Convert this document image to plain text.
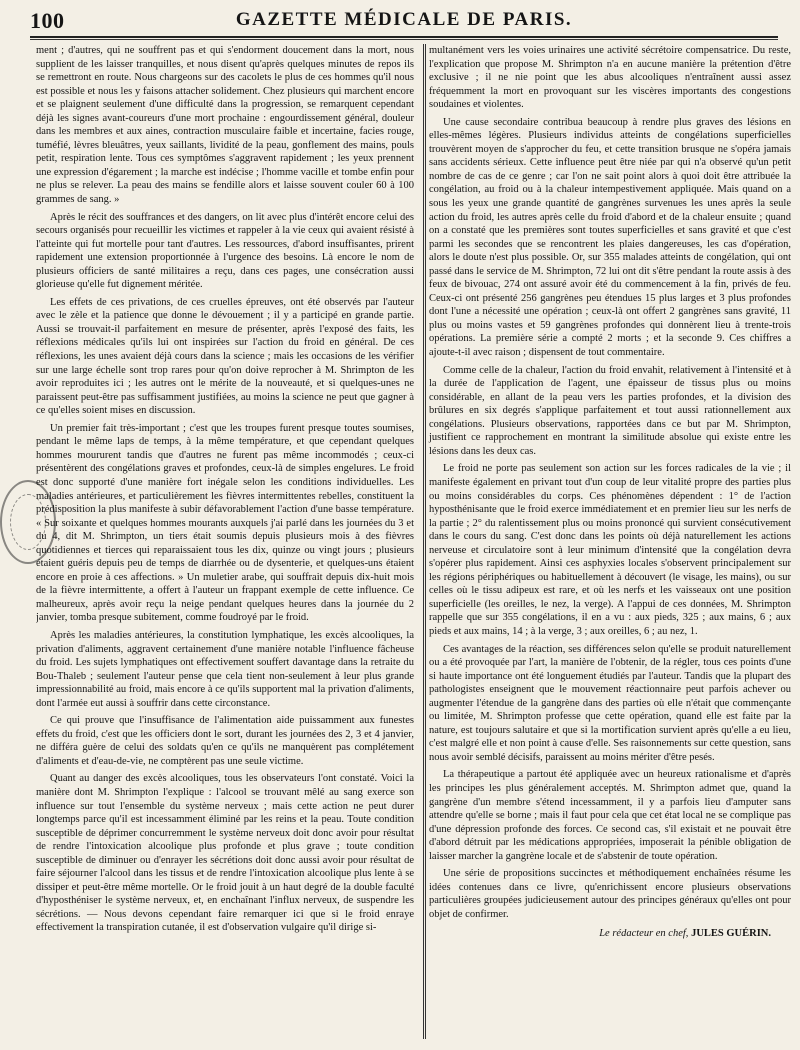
100	GAZETTE MÉDICALE DE PARIS.

ment ; d'autres, qui ne souffrent pas et qui s'endorment doucement dans la mort, nous supplient de les laisser tranquilles, et nous disent qu'après quelques minutes de repos ils se remettront en route. Nous chargeons sur des cacolets le plus de ces hommes qu'il nous est possible et nous les y faisons attacher solidement. Chez plusieurs qui marchent encore et se plaignent seulement d'une difficulté dans la progression, se remarquent cependant déjà les signes avant-coureurs d'une mort prochaine : engourdissement général, douleur dans les membres et aux aines, contraction musculaire faible et incertaine, facies rouge, tuméfié, lèvres bleuâtres, yeux saillants, lividité de la peau, gonflement des mains, pouls petit, respiration lente. Tous ces symptômes s'aggravent rapidement ; les yeux prennent une expression d'égarement ; la marche est indécise ; l'homme vacille et tombe enfin pour ne plus se relever. La peau des mains se fendille alors et laisse souvent couler 60 à 100 grammes de sang. »

Après le récit des souffrances et des dangers, on lit avec plus d'intérêt encore celui des secours organisés pour recueillir les victimes et rappeler à la vie ceux qui avaient résisté à l'atteinte qui fut mortelle pour tant d'autres. Les ressources, d'abord insuffisantes, prirent rapidement une extension proportionnée à l'urgence des besoins. Là encore le nom de plusieurs officiers de santé militaires a reçu, dans ces pages, une consécration aussi glorieuse qu'elle fut dignement méritée.

Les effets de ces privations, de ces cruelles épreuves, ont été observés par l'auteur avec le zèle et la patience que donne le dévouement ; il y a participé en grande partie. Aussi se trouvait-il parfaitement en mesure de présenter, après l'exposé des faits, les réflexions médicales qu'ils lui ont inspirées sur l'action du froid en général. De ces réflexions, les unes avaient déjà cours dans la science ; mais les occasions de les vérifier sur une large échelle sont trop rares pour qu'on doive reprocher à M. Shrimpton de les avoir reproduites ici ; les autres ont le mérite de la nouveauté, et si quelques-unes ne paraissent peut-être pas suffisamment justifiées, au moins la science ne peut que gagner à ce qu'elles soient mises en discussion.

Un premier fait très-important ; c'est que les troupes furent presque toutes soumises, pendant le même laps de temps, à la même température, et que cependant quelques hommes moururent tandis que d'autres ne furent pas même incommodés ; ceux-ci présentèrent des congélations graves et profondes, ceux-là de simples engelures. Le froid est donc supporté d'une manière fort inégale selon les conditions individuelles. Les maladies antérieures, et particulièrement les fièvres intermittentes rebelles, constituent la prédisposition la plus manifeste à subir défavorablement l'action d'une basse température. « Sur soixante et quelques hommes mourants auxquels j'ai parlé dans les journées du 3 et du 4, dit M. Shrimpton, un tiers était soumis depuis plusieurs mois à des fièvres quotidiennes et tierces qui reparaissaient tous les dix, quinze ou vingt jours ; plusieurs étaient guéris depuis peu de temps de diarrhée ou de dysenterie, et quelques-uns étaient encore en proie à ces affections. » Un muletier arabe, qui souffrait depuis dix-huit mois de la fièvre intermittente, a offert à l'auteur un frappant exemple de cette influence. Ce malheureux, après avoir reçu la neige pendant quelques heures dans la journée du 2 janvier, tomba presque subitement, comme foudroyé par le froid.

Après les maladies antérieures, la constitution lymphatique, les excès alcooliques, la privation d'aliments, aggravent certainement d'une manière notable l'influence fâcheuse du froid. Les sujets lymphatiques ont effectivement souffert davantage dans la retraite du Bou-Thaleb ; seulement l'auteur pense que cela tient non-seulement à leur plus grande impressionnabilité au froid, mais encore à ce qu'ils supportent mal la privation d'aliments, dont l'armée eut aussi à souffrir dans cette circonstance.

Ce qui prouve que l'insuffisance de l'alimentation aide puissamment aux funestes effets du froid, c'est que les officiers dont le sort, durant les journées des 2, 3 et 4 janvier, ne différa guère de celui des soldats qu'en ce qu'ils ne manquèrent pas complétement d'aliments et d'eau-de-vie, ne comptèrent pas une seule victime.

Quant au danger des excès alcooliques, tous les observateurs l'ont constaté. Voici la manière dont M. Shrimpton l'explique : l'alcool se trouvant mêlé au sang exerce son influence sur tout l'ensemble du système nerveux ; mais cette action ne peut durer longtemps parce qu'il est incessamment éliminé par les reins et la peau. Toute condition susceptible de déprimer concurremment le système nerveux doit donc avoir pour résultat de rendre l'intoxication alcoolique plus profonde et plus grave ; toute condition susceptible de diminuer ou d'enrayer les sécrétions doit donc aussi avoir pour résultat de faire séjourner l'alcool dans les tissus et de rendre l'intoxication alcoolique plus lente à se dissiper et peut-être même mortelle. Or le froid jouit à un haut degré de la double faculté d'hyposthéniser le système nerveux, et, en enchaînant l'influx nerveux, de suspendre les sécrétions. — Nous devons cependant faire remarquer ici que si le froid enraye effectivement la transpiration cutanée, il est d'observation vulgaire qu'il dirige si-

multanément vers les voies urinaires une activité sécrétoire compensatrice. Du reste, l'explication que propose M. Shrimpton n'a en aucune manière la prétention d'être exclusive ; il ne nie point que les abus alcooliques n'entraînent aussi assez fréquemment la mort en provoquant sur les viscères importants des congestions soudaines et violentes.

Une cause secondaire contribua beaucoup à rendre plus graves des lésions en elles-mêmes légères. Plusieurs individus atteints de congélations superficielles trouvèrent moyen de s'approcher du feu, et cette transition brusque ne s'opéra jamais sans accidents sérieux. Cette influence peut être niée par qui n'a observé qu'un petit nombre de cas de ce genre ; car l'on ne sait point alors à quoi doit être attribuée la congélation, au froid ou à la chaleur intempestivement appliquée. Mais quand on a sous les yeux une grande quantité de gangrènes survenues les unes après la seule action du froid, les autres après celle du froid d'abord et de la chaleur ensuite ; quand on a constaté que les premières sont toutes superficielles et sans gravité et que c'est parmi les secondes que se rencontrent les plaies dangereuses, les cas d'opération, alors le doute n'est plus possible. Or, sur 355 malades atteints de congélation, qui ont passé dans le service de M. Shrimpton, 72 lui ont dit s'être pendant la route assis à des feux de bivouac, 274 ont assuré avoir été du commencement à la fin, privés de feu. Ceux-ci ont présenté 256 gangrènes peu étendues 15 plus larges et 3 plus profondes dont l'une a nécessité une opération ; ceux-là ont offert 2 gangrènes sans gravité, 11 plus ou moins vastes et 59 gangrènes profondes qui donnèrent lieu à trente-trois opérations. La première série a compté 2 morts ; et la seconde 9. Ces chiffres a ajoute-t-il avec raison ; dispensent de tout commentaire.

Comme celle de la chaleur, l'action du froid envahit, relativement à l'intensité et à la durée de l'application de l'agent, une épaisseur de tissus plus ou moins considérable, en allant de la peau vers les parties profondes, et la division des brûlures en six degrés s'applique parfaitement et tout aussi rationnellement aux congélations. Plusieurs observations, rapportées dans ce but par M. Shrimpton, justifient ce rapprochement en montrant la similitude absolue qui existe entre les lésions dans les deux cas.

Le froid ne porte pas seulement son action sur les forces radicales de la vie ; il manifeste également en privant tout d'un coup de leur vitalité propre des parties plus ou moins considérables du corps. Ces phénomènes dépendent : 1° de l'action hyposthénisante que le froid exerce immédiatement et en premier lieu sur les nerfs de la partie ; 2° du ralentissement plus ou moins prononcé qui survient consécutivement dans le cours du sang. C'est donc dans les points où déjà naturellement les actions nerveuse et circulatoire sont à leur minimum d'intensité que la congélation devra s'opérer plus rapidement. Ainsi ces asphyxies locales s'observent principalement sur les régions périphériques ou habituellement à découvert (le visage, les mains), ou sur celles où le tissu adipeux est rare, et où les nerfs et les vaisseaux ont une position superficielle (les oreilles, le nez, la verge). A l'appui de ces données, M. Shrimpton rappelle que sur 355 congélations, il en a vu : aux pieds, 325 ; aux mains, 6 ; aux pieds et aux mains, 14 ; à la verge, 3 ; aux oreilles, 6 ; au nez, 1.

Ces avantages de la réaction, ses différences selon qu'elle se produit naturellement ou a été provoquée par l'art, la manière de l'obtenir, de la régler, tous ces points d'une si haute importance ont été longuement étudiés par l'auteur. Tandis que la plupart des pathologistes enseignent que le mouvement réactionnaire peut parfois achever ou augmenter l'étendue de la gangrène dans des parties où elle n'était que commençante ou limitée, M. Shrimpton professe que cette opération, quand elle est faite par la nature, est toujours salutaire et que si la mortification survient après qu'elle a eu lieu, c'est malgré elle et non point à cause d'elle. Ses raisonnements sur cette question, sans nous avoir semblé décisifs, paraissent au moins mériter d'être pesés.

La thérapeutique a partout été appliquée avec un heureux rationalisme et d'après les principes les plus généralement acceptés. M. Shrimpton admet que, quand la gangrène d'un membre s'étend incessamment, il y a parfois lieu d'amputer sans attendre qu'elle se borne ; mais il faut pour cela que cet état local ne se complique pas d'une dépression profonde des forces. Ce second cas, s'il existait et ne pouvait être d'abord détruit par les médications appropriées, imposerait la pénible obligation de laisser marcher la gangrène locale et de s'abstenir de toute opération.

Une série de propositions succinctes et méthodiquement enchaînées résume les idées contenues dans ce livre, qu'enrichissent encore plusieurs observations particulières groupées judicieusement autour des principes généraux qu'elles ont pour objet de confirmer.

Le rédacteur en chef, JULES GUÉRIN.
